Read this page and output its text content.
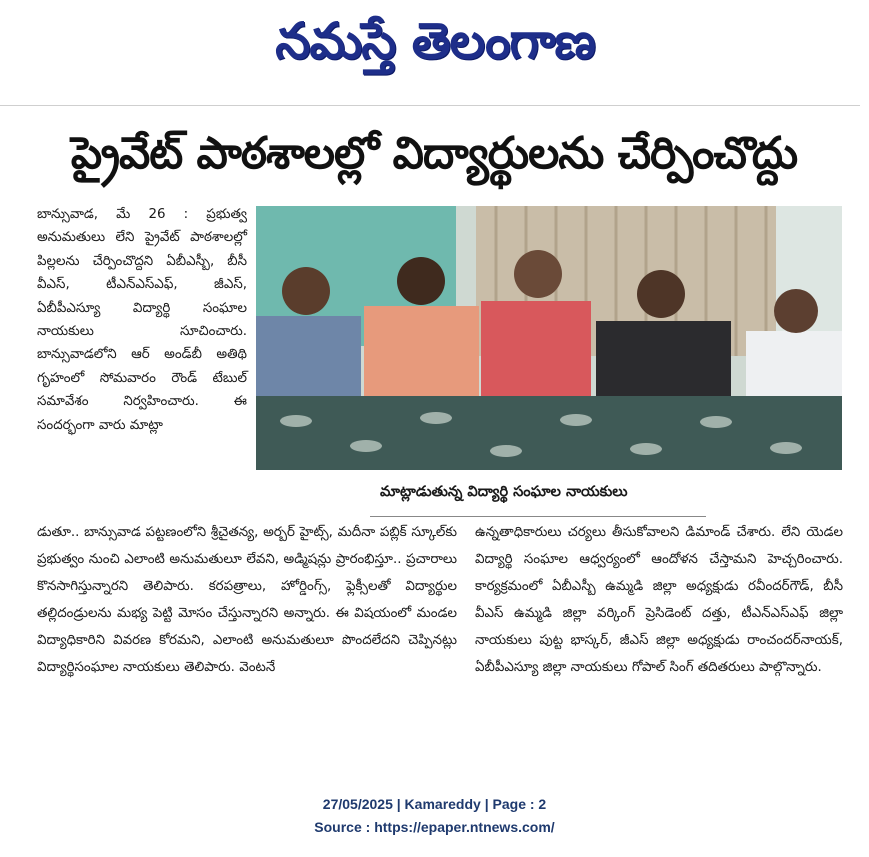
నమస్తే తెలంగాణ
ప్రైవేట్ పాఠశాలల్లో విద్యార్థులను చేర్పించొద్దు

బాన్సువాడ, మే 26 : ప్రభుత్వ అనుమతులు లేని ప్రైవేట్ పాఠశాలల్లో పిల్లలను చేర్పించొద్దని ఏబీఎస్బీ, బీసీ వీఎస్, టీఎన్ఎస్ఎఫ్, జీఎస్, ఏబీపీఎస్యూ విద్యార్థి సంఘాల నాయకులు సూచించారు. బాన్సువాడలోని ఆర్ అండ్‌బీ అతిథి గృహంలో సోమవారం రౌండ్ టేబుల్ సమావేశం నిర్వహించారు. ఈ సందర్భంగా వారు మాట్లా

మాట్లాడుతున్న విద్యార్థి సంఘాల నాయకులు

డుతూ.. బాన్సువాడ పట్టణంలోని శ్రీచైతన్య, అర్బర్ హైట్స్, మదీనా పబ్లిక్ స్కూల్‌కు ప్రభుత్వం నుంచి ఎలాంటి అనుమతులూ లేవని, అడ్మిషన్లు ప్రారంభిస్తూ.. ప్రచారాలు కొనసాగిస్తున్నారని తెలిపారు. కరపత్రాలు, హోర్డింగ్స్, ఫ్లెక్సీలతో విద్యార్థుల తల్లిదండ్రులను మభ్య పెట్టి మోసం చేస్తున్నారని అన్నారు. ఈ విషయంలో మండల విద్యాధికారిని వివరణ కోరమని, ఎలాంటి అనుమతులూ పొందలేదని చెప్పినట్లు విద్యార్థిసంఘాల నాయకులు తెలిపారు. వెంటనే

ఉన్నతాధికారులు చర్యలు తీసుకోవాలని డిమాండ్ చేశారు. లేని యెడల విద్యార్థి సంఘాల ఆధ్వర్యంలో ఆందోళన చేస్తామని హెచ్చరించారు. కార్యక్రమంలో ఏబీఎస్బీ ఉమ్మడి జిల్లా అధ్యక్షుడు రవీందర్‌గౌడ్, బీసీ వీఎస్ ఉమ్మడి జిల్లా వర్కింగ్ ప్రెసిడెంట్ దత్తు, టీఎన్ఎస్ఎఫ్ జిల్లా నాయకులు పుట్ట భాస్కర్, జీఎస్ జిల్లా అధ్యక్షుడు రాంచందర్‌నాయక్, ఏబీపీఎస్యూ జిల్లా నాయకులు గోపాల్ సింగ్ తదితరులు పాల్గొన్నారు.

27/05/2025 | Kamareddy | Page : 2
Source : https://epaper.ntnews.com/
